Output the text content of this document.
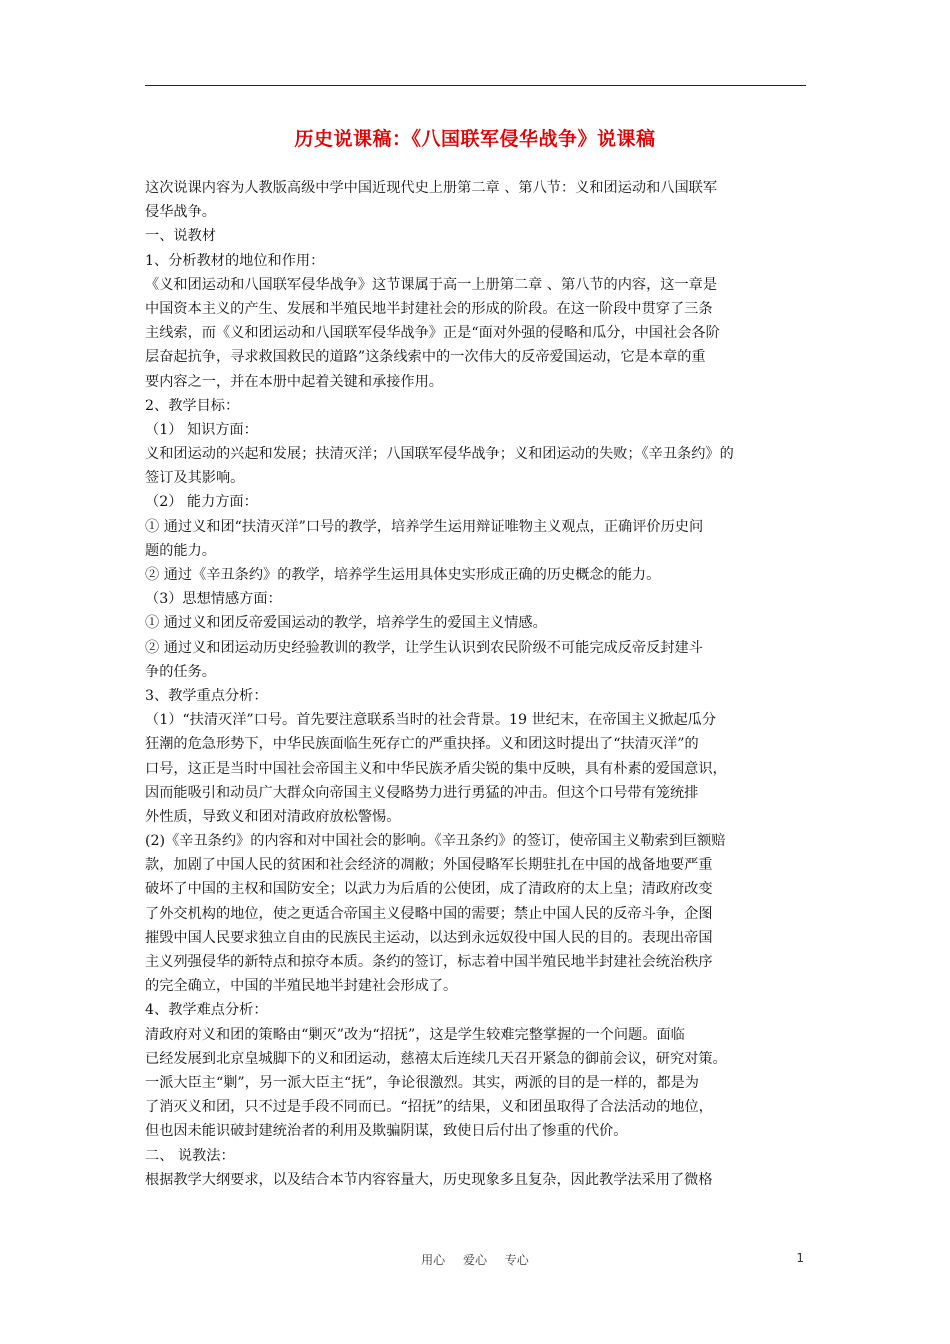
历史说课稿：《八国联军侵华战争》说课稿
这次说课内容为人教版高级中学中国近现代史上册第二章 、第八节：义和团运动和八国联军
侵华战争。
一、说教材
1、分析教材的地位和作用：
《义和团运动和八国联军侵华战争》这节课属于高一上册第二章 、第八节的内容，这一章是
中国资本主义的产生、发展和半殖民地半封建社会的形成的阶段。在这一阶段中贯穿了三条
主线索，而《义和团运动和八国联军侵华战争》正是“面对外强的侵略和瓜分，中国社会各阶
层奋起抗争，寻求救国救民的道路”这条线索中的一次伟大的反帝爱国运动，它是本章的重
要内容之一，并在本册中起着关键和承接作用。
2、教学目标：
（1） 知识方面：
义和团运动的兴起和发展；扶清灭洋；八国联军侵华战争；义和团运动的失败；《辛丑条约》的
签订及其影响。
（2） 能力方面：
① 通过义和团“扶清灭洋”口号的教学，培养学生运用辩证唯物主义观点，正确评价历史问
题的能力。
② 通过《辛丑条约》的教学，培养学生运用具体史实形成正确的历史概念的能力。
（3）思想情感方面：
① 通过义和团反帝爱国运动的教学，培养学生的爱国主义情感。
② 通过义和团运动历史经验教训的教学，让学生认识到农民阶级不可能完成反帝反封建斗
争的任务。
3、教学重点分析：
（1）“扶清灭洋”口号。首先要注意联系当时的社会背景。19 世纪末，在帝国主义掀起瓜分
狂潮的危急形势下，中华民族面临生死存亡的严重抉择。义和团这时提出了“扶清灭洋”的
口号，这正是当时中国社会帝国主义和中华民族矛盾尖锐的集中反映，具有朴素的爱国意识，
因而能吸引和动员广大群众向帝国主义侵略势力进行勇猛的冲击。但这个口号带有笼统排
外性质，导致义和团对清政府放松警惕。
(2)《辛丑条约》的内容和对中国社会的影响。《辛丑条约》的签订，使帝国主义勒索到巨额赔
款，加剧了中国人民的贫困和社会经济的凋敝；外国侵略军长期驻扎在中国的战备地要严重
破坏了中国的主权和国防安全；以武力为后盾的公使团，成了清政府的太上皇；清政府改变
了外交机构的地位，使之更适合帝国主义侵略中国的需要；禁止中国人民的反帝斗争，企图
摧毁中国人民要求独立自由的民族民主运动，以达到永远奴役中国人民的目的。表现出帝国
主义列强侵华的新特点和掠夺本质。条约的签订，标志着中国半殖民地半封建社会统治秩序
的完全确立，中国的半殖民地半封建社会形成了。
4、教学难点分析：
清政府对义和团的策略由“剿灭”改为“招抚”，这是学生较难完整掌握的一个问题。面临
已经发展到北京皇城脚下的义和团运动，慈禧太后连续几天召开紧急的御前会议，研究对策。
一派大臣主“剿”，另一派大臣主“抚”，争论很激烈。其实，两派的目的是一样的，都是为
了消灭义和团，只不过是手段不同而已。“招抚”的结果，义和团虽取得了合法活动的地位，
但也因未能识破封建统治者的利用及欺骗阴谋，致使日后付出了惨重的代价。
二、 说教法：
根据教学大纲要求，以及结合本节内容容量大，历史现象多且复杂，因此教学法采用了微格
用心 爱心 专心	1
